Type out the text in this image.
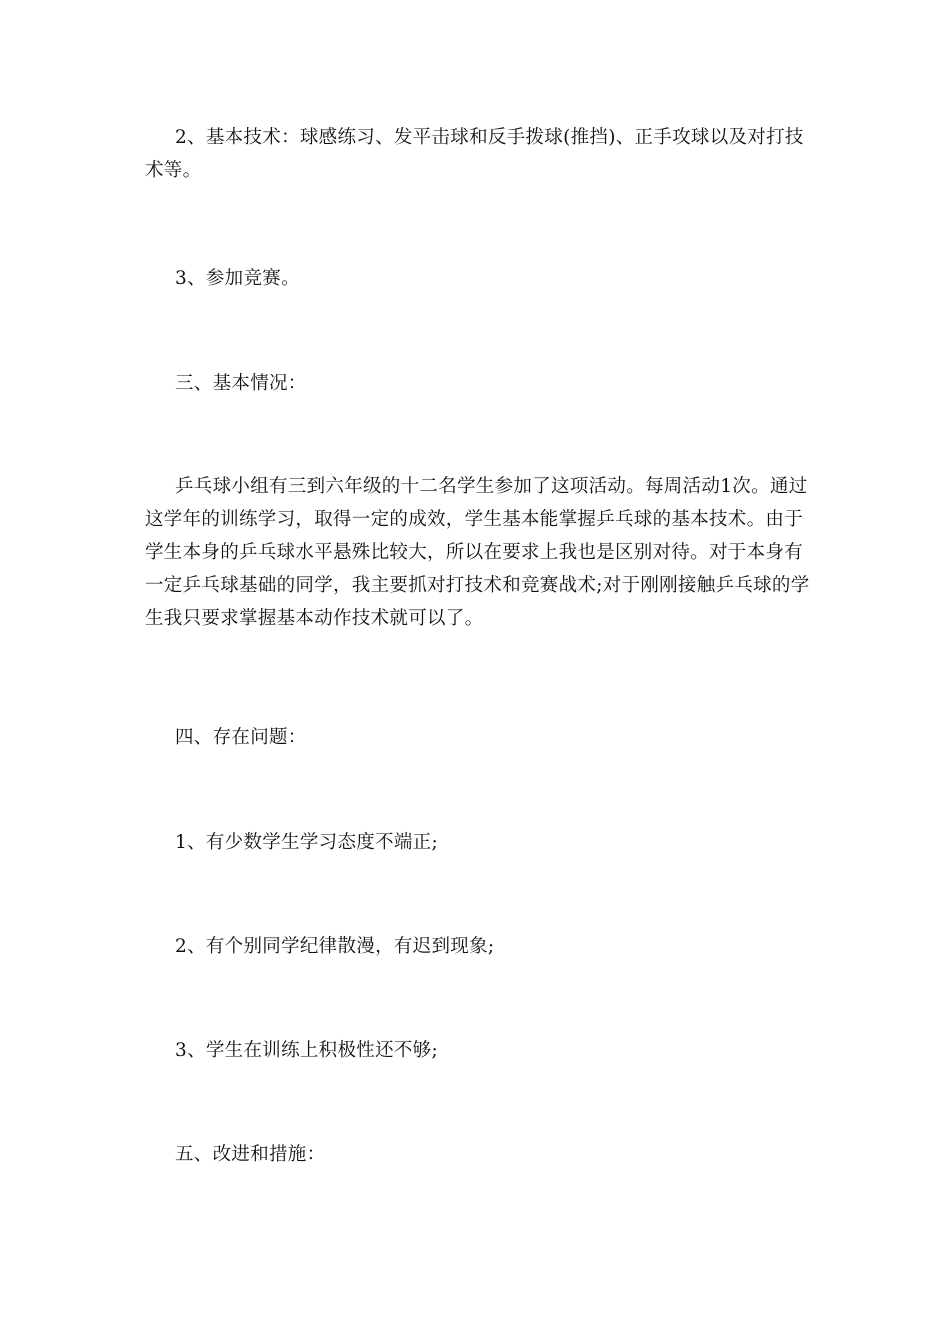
2、基本技术：球感练习、发平击球和反手拨球(推挡)、正手攻球以及对打技术等。

3、参加竞赛。

三、基本情况：

乒乓球小组有三到六年级的十二名学生参加了这项活动。每周活动1次。通过这学年的训练学习，取得一定的成效，学生基本能掌握乒乓球的基本技术。由于学生本身的乒乓球水平悬殊比较大，所以在要求上我也是区别对待。对于本身有一定乒乓球基础的同学，我主要抓对打技术和竞赛战术;对于刚刚接触乒乓球的学生我只要求掌握基本动作技术就可以了。

四、存在问题：

1、有少数学生学习态度不端正;

2、有个别同学纪律散漫，有迟到现象;

3、学生在训练上积极性还不够;

五、改进和措施：
